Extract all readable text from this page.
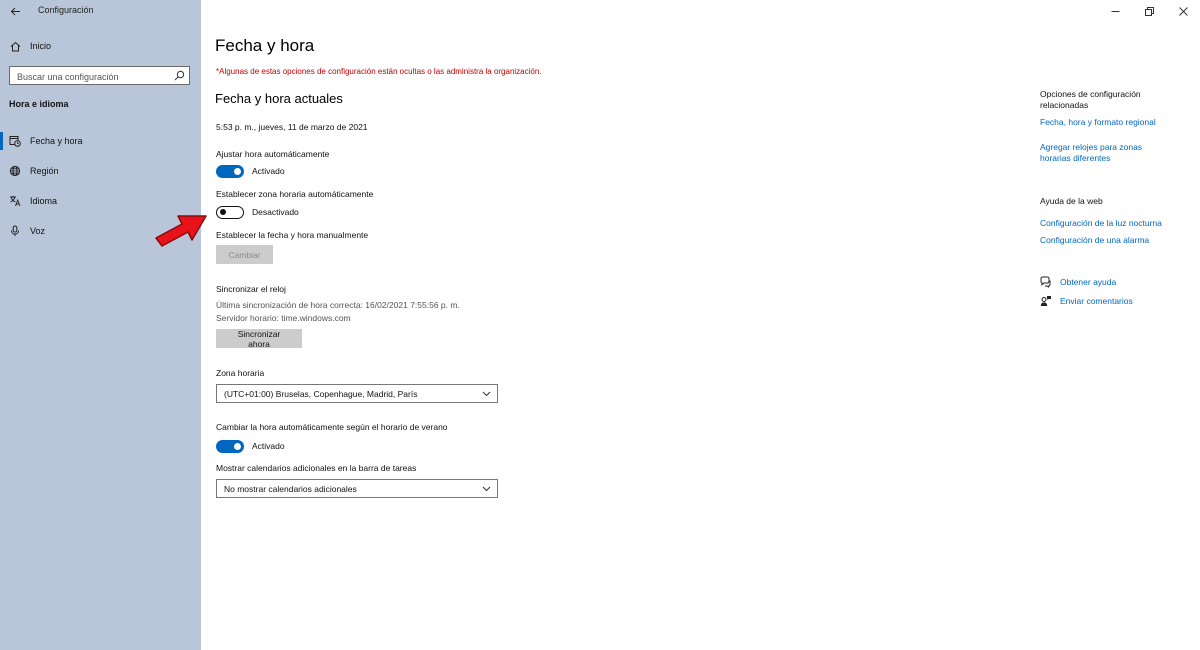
Configuración
Inicio
Buscar una configuración
Hora e idioma
Fecha y hora
Región
Idioma
Voz
Fecha y hora
*Algunas de estas opciones de configuración están ocultas o las administra la organización.
Fecha y hora actuales
5:53 p. m., jueves, 11 de marzo de 2021
Ajustar hora automáticamente
Activado
Establecer zona horaria automáticamente
Desactivado
Establecer la fecha y hora manualmente
Cambiar
Sincronizar el reloj
Última sincronización de hora correcta: 16/02/2021 7:55:56 p. m.
Servidor horario: time.windows.com
Sincronizar ahora
Zona horaria
(UTC+01:00) Bruselas, Copenhague, Madrid, París
Cambiar la hora automáticamente según el horario de verano
Activado
Mostrar calendarios adicionales en la barra de tareas
No mostrar calendarios adicionales
Opciones de configuración relacionadas
Fecha, hora y formato regional
Agregar relojes para zonas horarias diferentes
Ayuda de la web
Configuración de la luz nocturna
Configuración de una alarma
Obtener ayuda
Enviar comentarios
